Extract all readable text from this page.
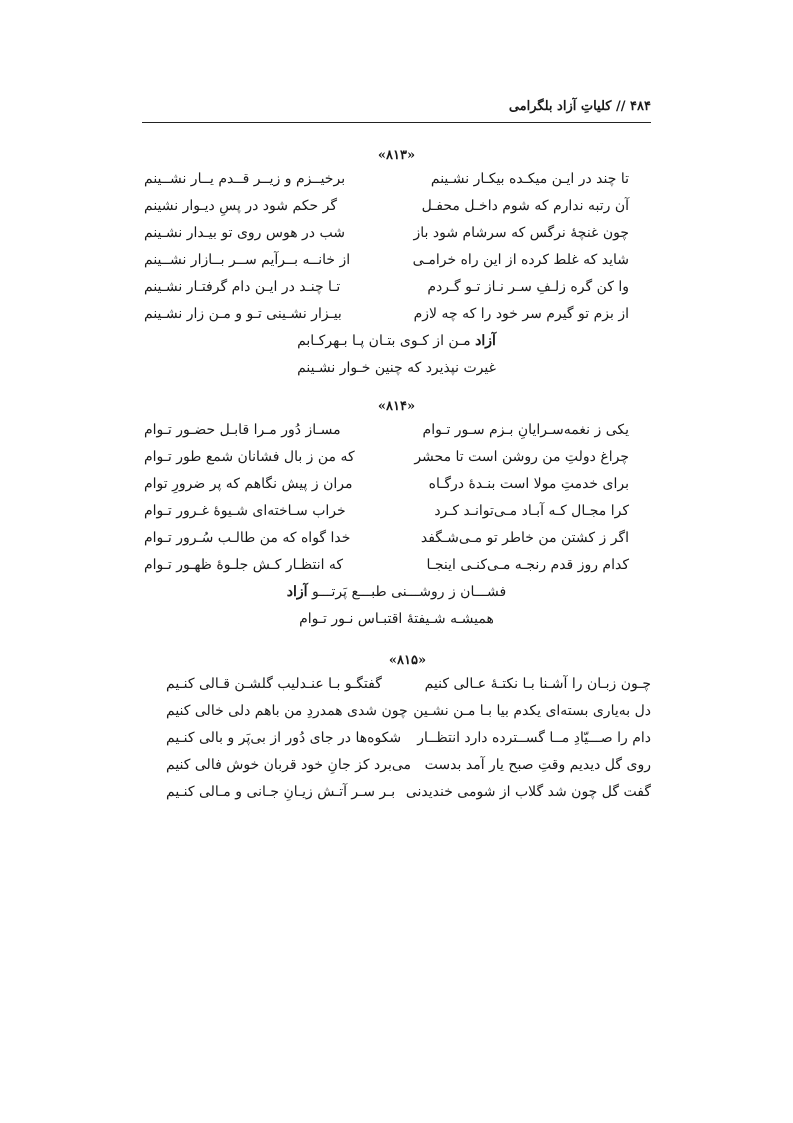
۴۸۴ // کلیاتِ آزاد بلگرامی
«۸۱۳»
تا چند در ایـن میکـده بیکـار نشـینم
برخیــزم و زیــر قــدم یــار نشــینم
آن رتبه ندارم که شوم داخـل محفـل
گر حکم شود در پسِ دیـوار نشینم
چون غنچهٔ نرگس که سرشام شود باز
شب در هوس روی تو بیـدار نشـینم
شاید که غلط کرده از این راه خرامـی
از خانــه بــرآیم ســر بــازار نشــینم
وا کن گره زلـفِ سـر نـاز تـو گـردم
تـا چنـد در ایـن دام گرفتـار نشـینم
از بزم تو گیرم سر خود را که چه لازم
بیـزار نشـینی تـو و مـن زار نشـینم
آزاد مـن از کـوی بتـان پـا بـهرکـابم
غیرت نپذیرد که چنین خـوار نشـینم
«۸۱۴»
یکی ز نغمه‌سـرایانِ بـزم سـور تـوام
مسـاز دُور مـرا قابـل حضـور تـوام
چراغ دولتِ من روشن است تا محشر
که من ز بال فشانان شمع طور تـوام
برای خدمتِ مولا است بنـدهٔ درگـاه
مران ز پیش نگاهم که پر ضرورِ توام
کرا مجـال کـه آبـاد مـی‌توانـد کـرد
خراب سـاخته‌ای شـیوهٔ غـرور تـوام
اگر ز کشتن من خاطر تو مـی‌شـگفد
خدا گواه که من طالـب سُـرور تـوام
کدام روز قدم رنجـه مـی‌کنـی اینجـا
که انتظـار کـش جلـوهٔ ظهـور تـوام
فشـــان ز روشـــنی طبـــع پَرتـــو آزاد
همیشـه شـیفتهٔ اقتبـاس نـور تـوام
«۸۱۵»
چـون زبـان را آشـنا بـا نکتـهٔ عـالی کنیم
گفتگـو بـا عنـدلیب گلشـن قـالی کنـیم
دل به‌یاری بسته‌ای یکدم بیا بـا مـن نشـین
چون شدی همدردِ من باهم دلی خالی کنیم
دام را صـــیّادِ مــا گســترده دارد انتظــار
شکوه‌ها در جای دُور از بی‌پَر و بالی کنـیم
روی گل دیدیم وقتِ صبح یار آمد بدست
می‌برد کز جانِ خود قربان خوش فالی کنیم
گفت گل چون شد گلاب از شومی خندیدنی
بـر سـر آتـش زیـانِ جـانی و مـالی کنـیم
